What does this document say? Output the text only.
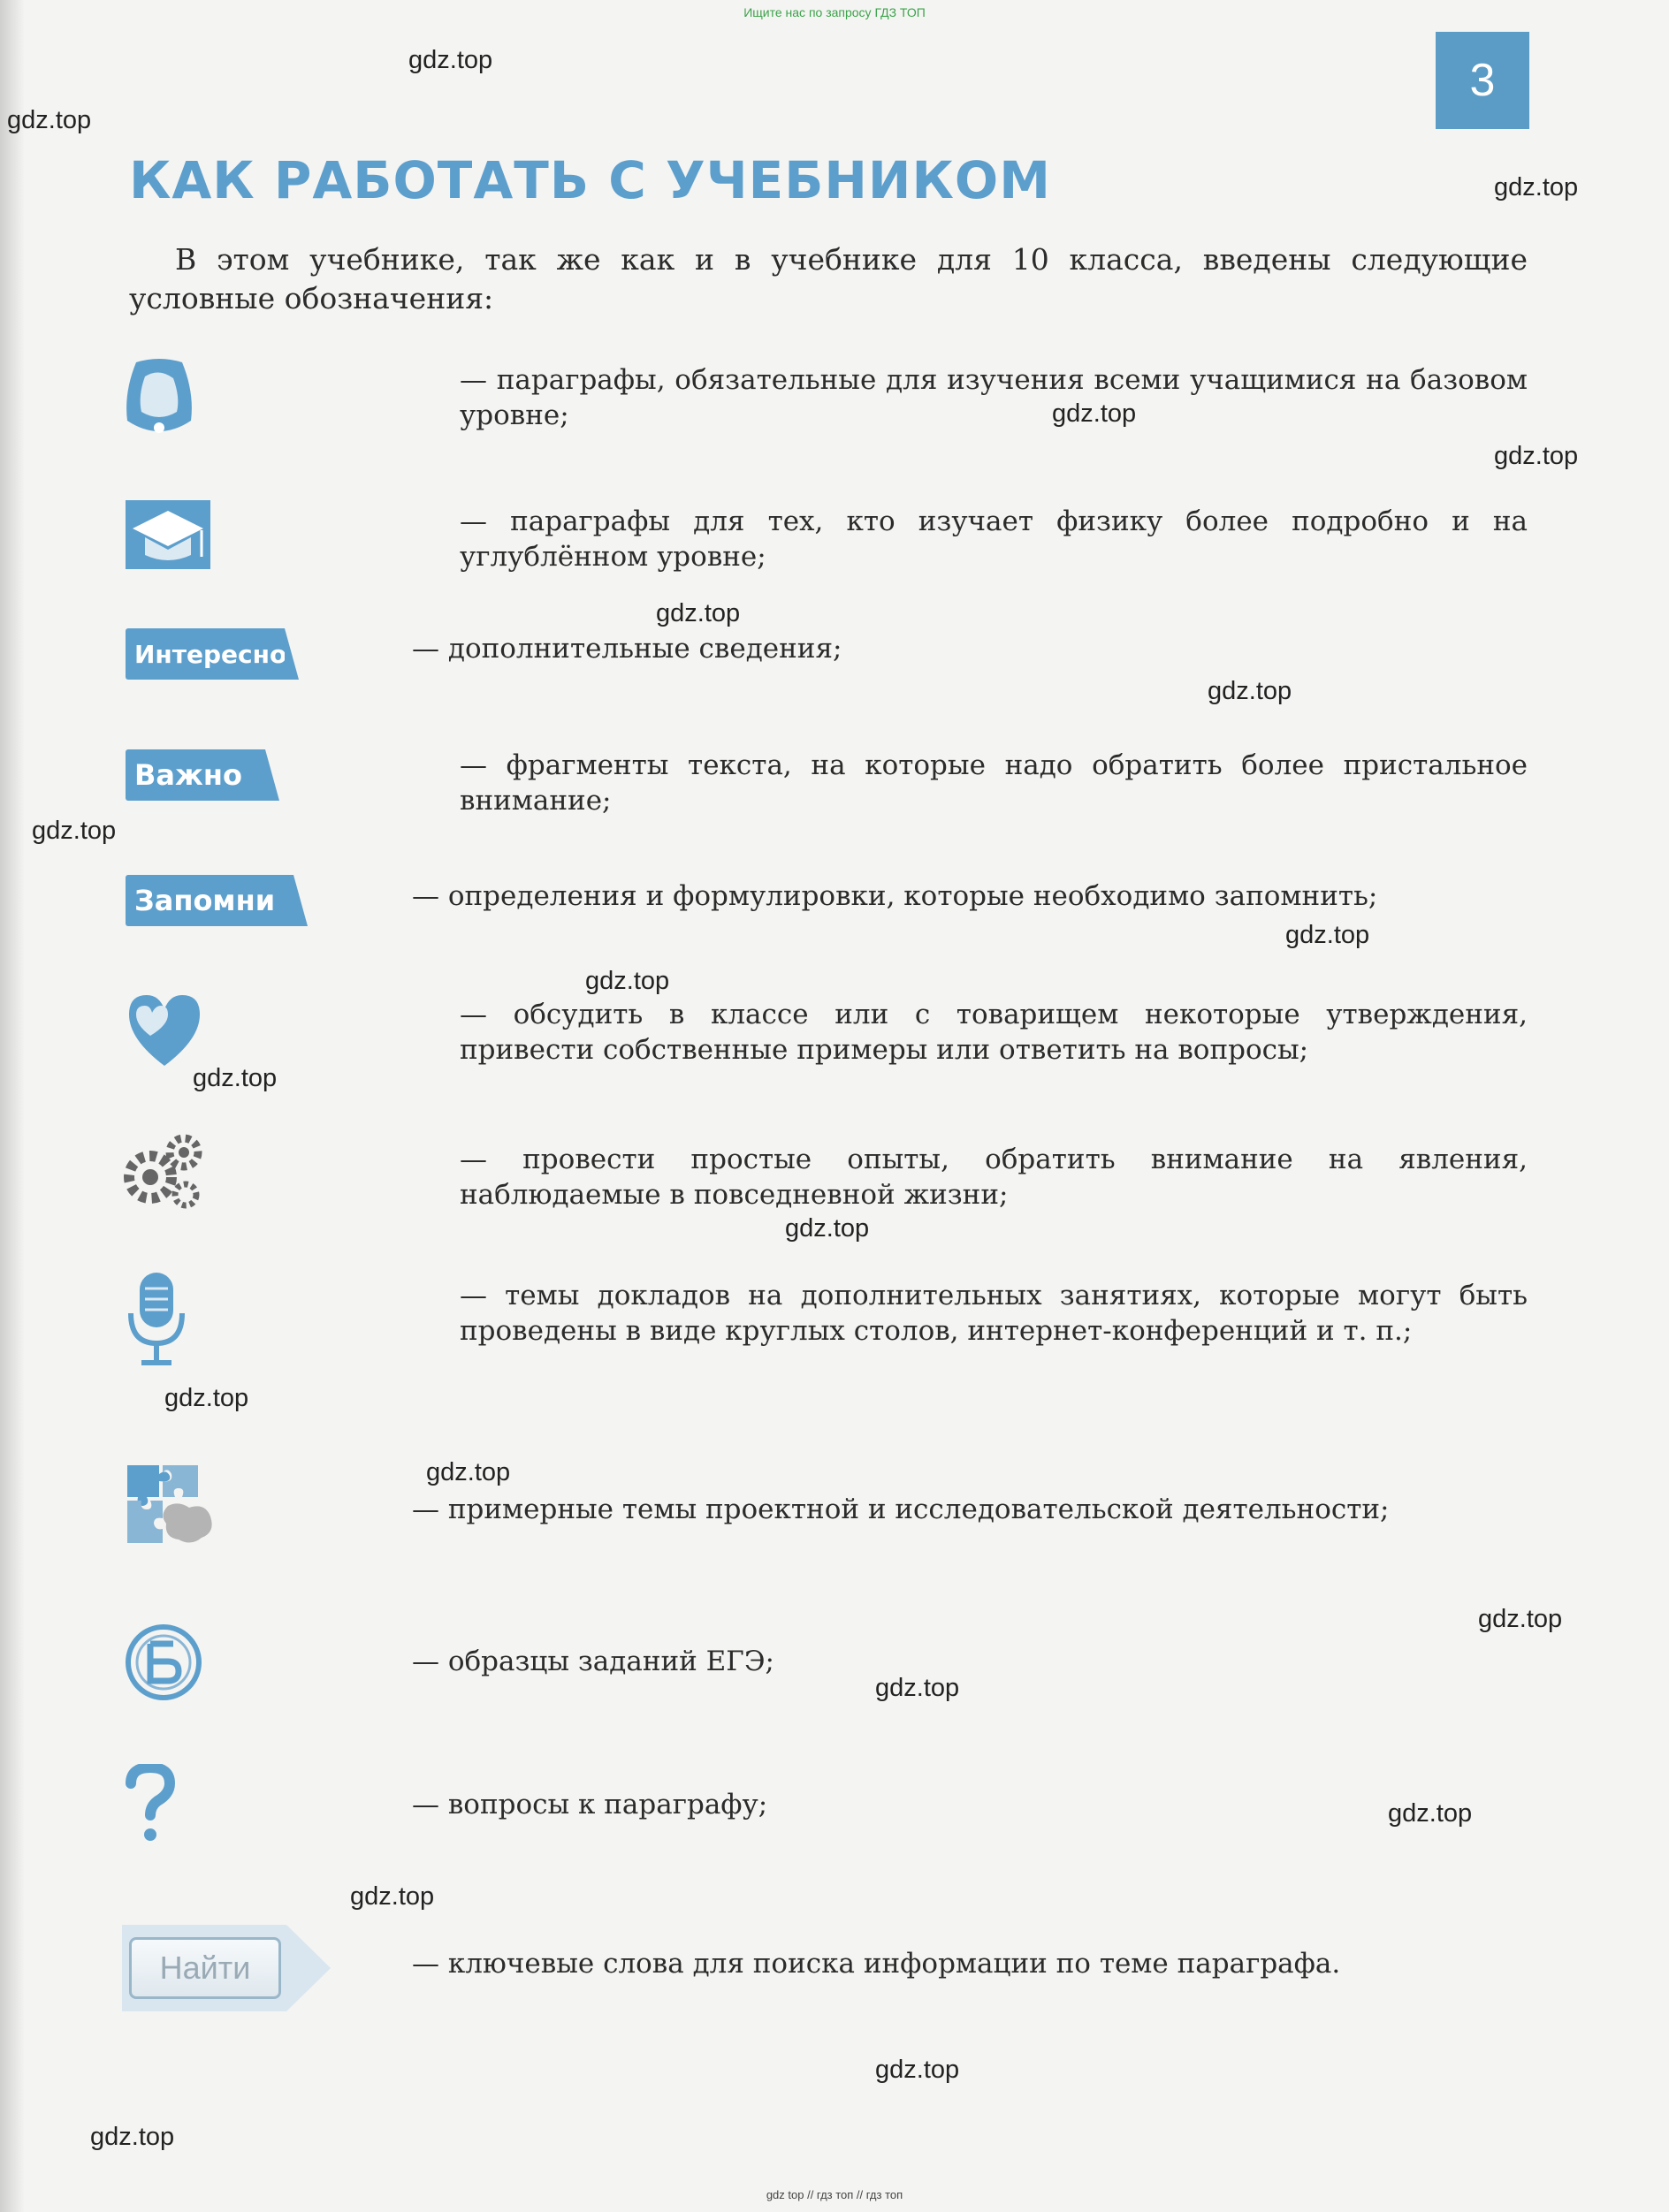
Ищите нас по запросу ГДЗ ТОП
3
КАК РАБОТАТЬ С УЧЕБНИКОМ

В этом учебнике, так же как и в учебнике для 10 класса, введены следующие условные обозначения:

— параграфы, обязательные для изучения всеми учащимися на базовом уровне;

— параграфы для тех, кто изучает физику более подробно и на углублённом уровне;

Интересно	— дополнительные сведения;

Важно	— фрагменты текста, на которые надо обратить более пристальное внимание;

Запомни	— определения и формулировки, которые необходимо запомнить;

— обсудить в классе или с товарищем некоторые утверждения, привести собственные примеры или ответить на вопросы;

— провести простые опыты, обратить внимание на явления, наблюдаемые в повседневной жизни;

— темы докладов на дополнительных занятиях, которые могут быть проведены в виде круглых столов, интернет-конференций и т. п.;

— примерные темы проектной и исследовательской деятельности;

— образцы заданий ЕГЭ;

— вопросы к параграфу;

Найти	— ключевые слова для поиска информации по теме параграфа.

gdz.top
gdz.top
gdz.top
gdz.top
gdz.top
gdz.top
gdz.top
gdz.top
gdz.top
gdz.top
gdz.top
gdz.top
gdz.top
gdz.top
gdz.top
gdz.top
gdz.top
gdz.top
gdz.top
gdz.top
gdz top // гдз топ // гдз топ
